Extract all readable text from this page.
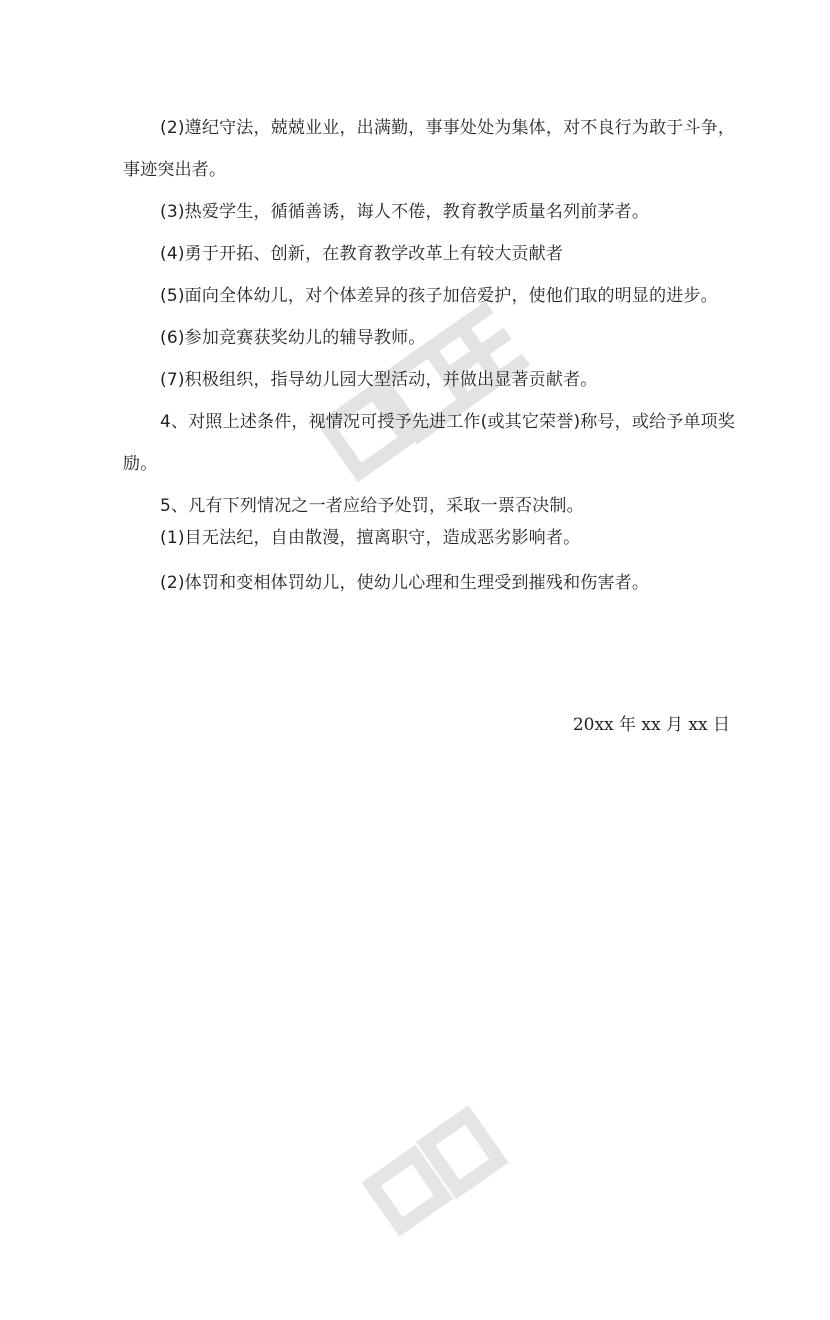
(2)遵纪守法，兢兢业业，出满勤，事事处处为集体，对不良行为敢于斗争，
事迹突出者。
(3)热爱学生，循循善诱，诲人不倦，教育教学质量名列前茅者。
(4)勇于开拓、创新，在教育教学改革上有较大贡献者
(5)面向全体幼儿，对个体差异的孩子加倍爱护，使他们取的明显的进步。
(6)参加竞赛获奖幼儿的辅导教师。
(7)积极组织，指导幼儿园大型活动，并做出显著贡献者。
4、对照上述条件，视情况可授予先进工作(或其它荣誉)称号，或给予单项奖
励。
5、凡有下列情况之一者应给予处罚，采取一票否决制。
(1)目无法纪，自由散漫，擅离职守，造成恶劣影响者。
(2)体罚和变相体罚幼儿，使幼儿心理和生理受到摧残和伤害者。
20xx 年 xx 月 xx 日
